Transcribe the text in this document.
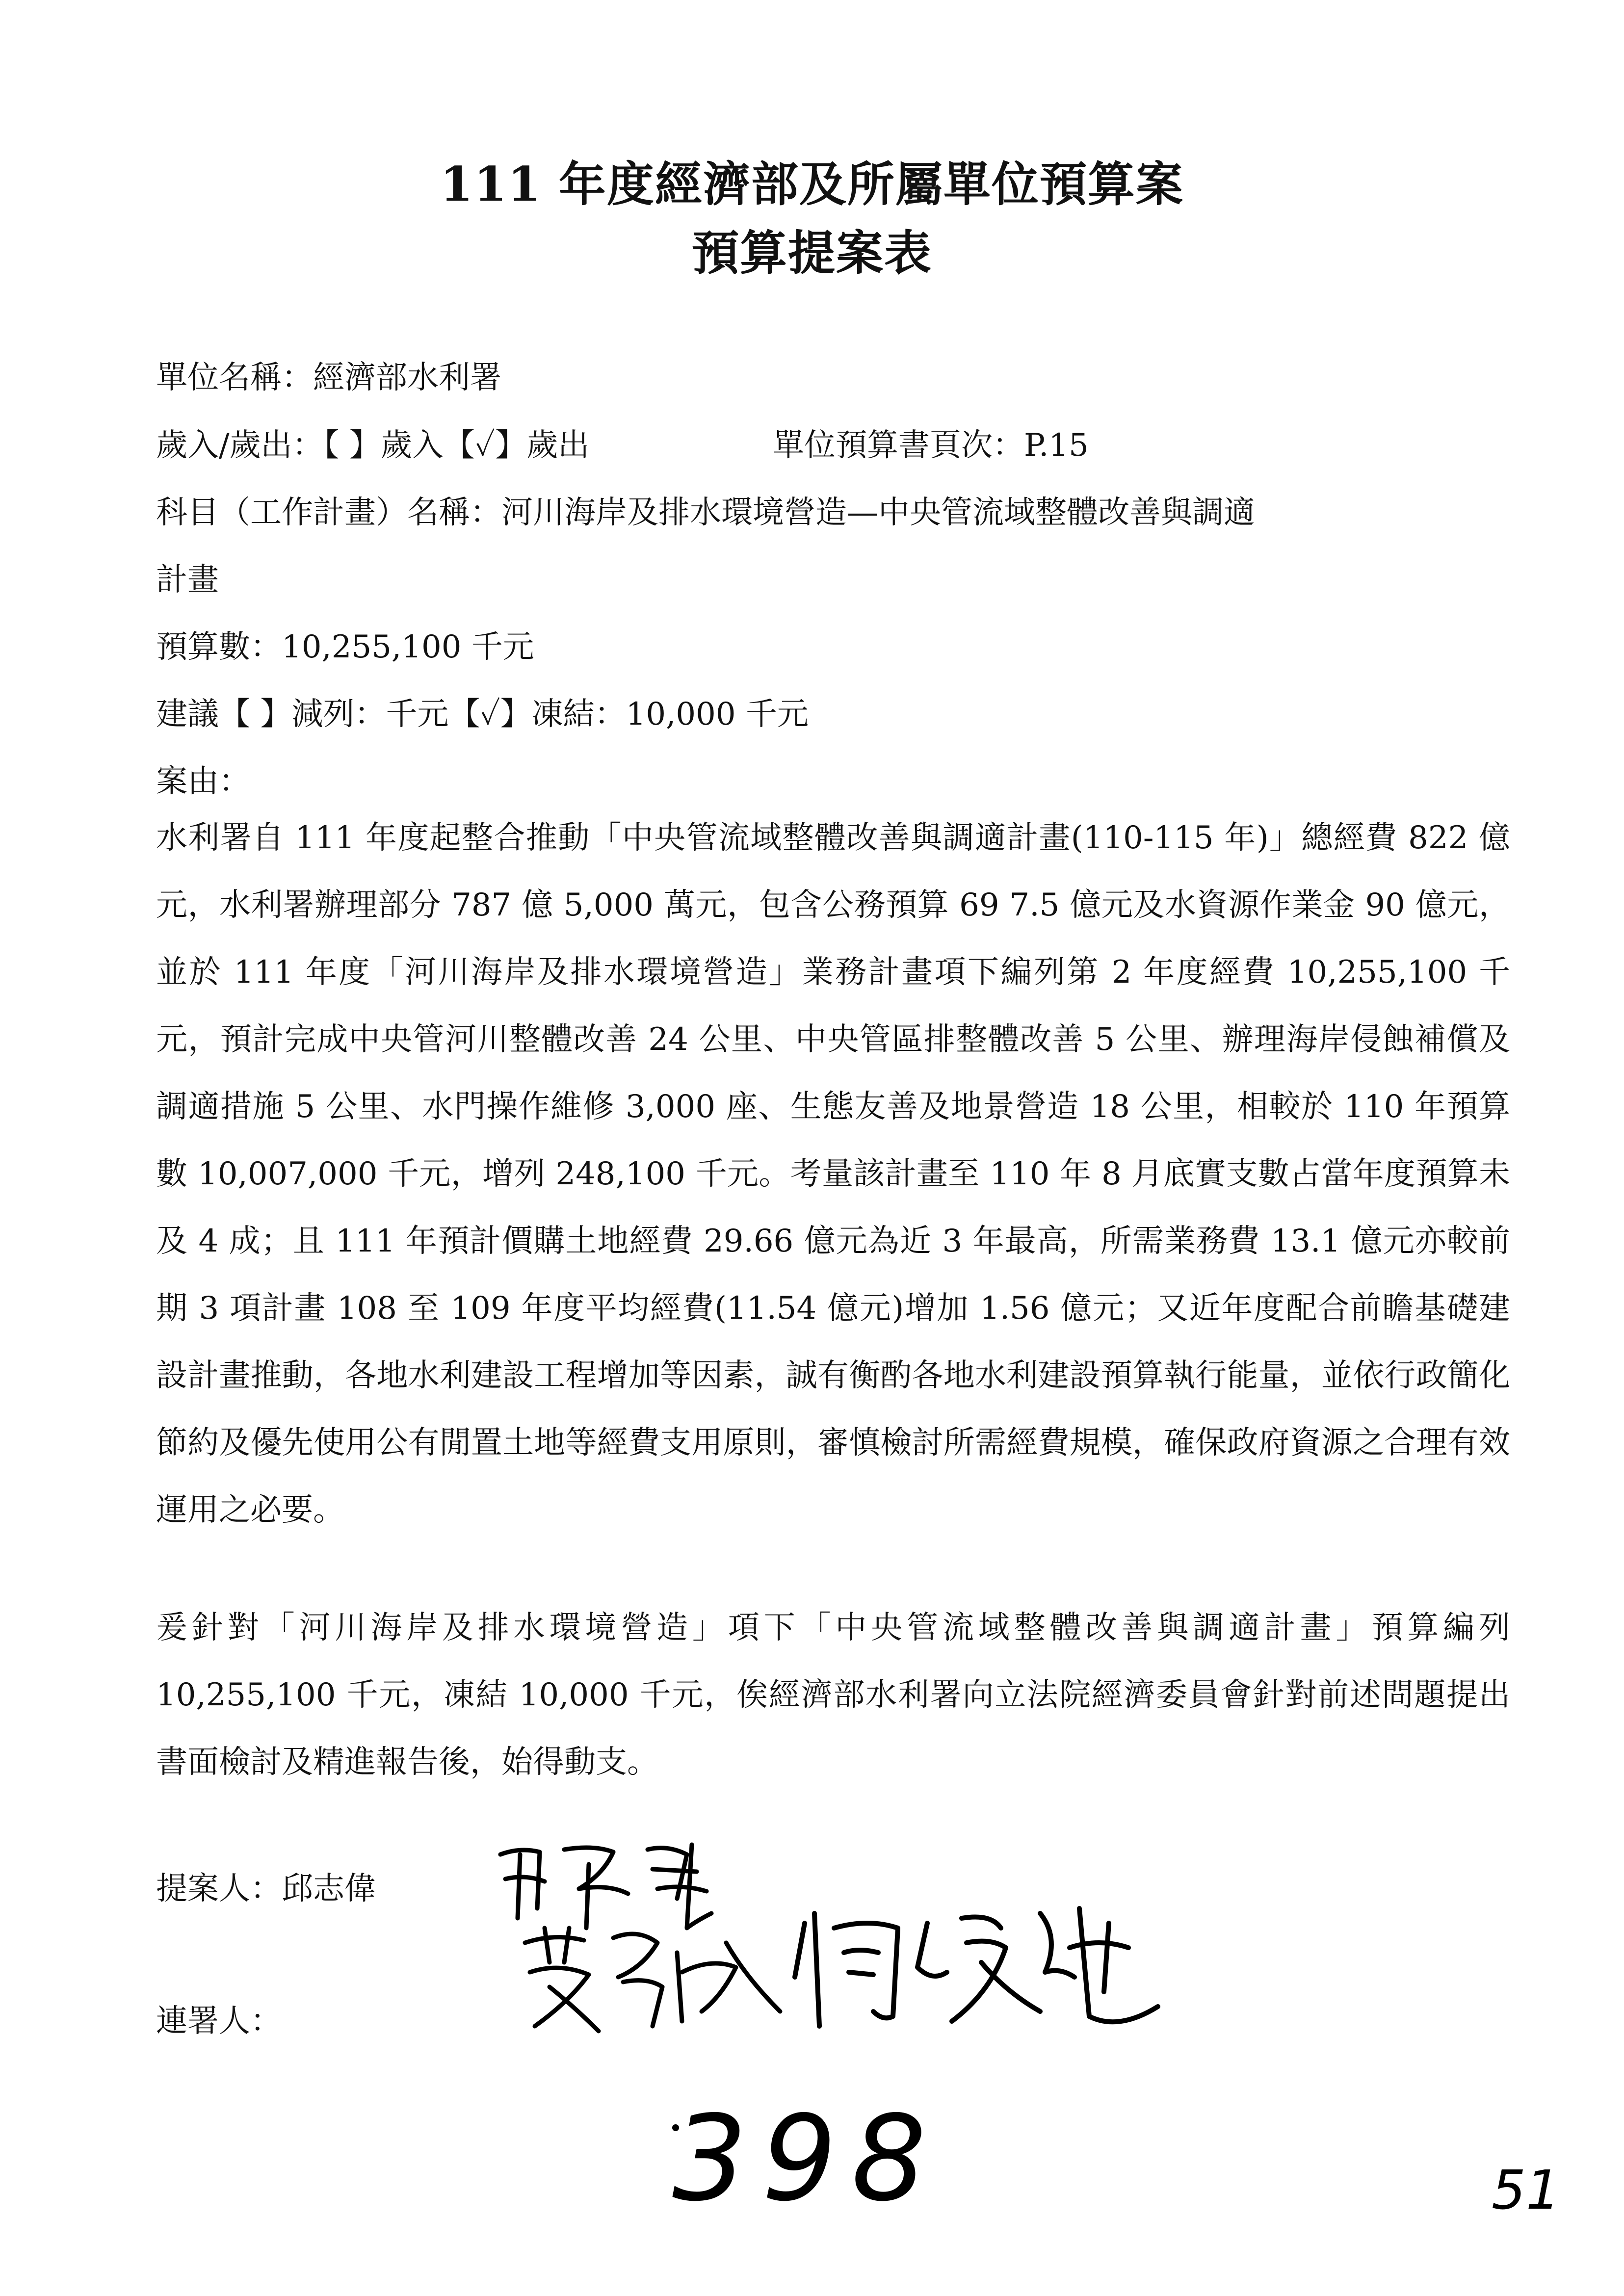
111 年度經濟部及所屬單位預算案
預算提案表
單位名稱：經濟部水利署
歲入/歲出：【 】歲入【✓】歲出	單位預算書頁次：P.15
科目（工作計畫）名稱：河川海岸及排水環境營造—中央管流域整體改善與調適
計畫
預算數：10,255,100 千元
建議【 】減列：千元【✓】凍結：10,000 千元
案由：

水利署自 111 年度起整合推動「中央管流域整體改善與調適計畫(110-115 年)」總經費 822 億元，水利署辦理部分 787 億 5,000 萬元，包含公務預算 69 7.5 億元及水資源作業金 90 億元，並於 111 年度「河川海岸及排水環境營造」業務計畫項下編列第 2 年度經費 10,255,100 千元，預計完成中央管河川整體改善 24 公里、中央管區排整體改善 5 公里、辦理海岸侵蝕補償及調適措施 5 公里、水門操作維修 3,000 座、生態友善及地景營造 18 公里，相較於 110 年預算數 10,007,000 千元，增列 248,100 千元。考量該計畫至 110 年 8 月底實支數占當年度預算未及 4 成；且 111 年預計價購土地經費 29.66 億元為近 3 年最高，所需業務費 13.1 億元亦較前期 3 項計畫 108 至 109 年度平均經費(11.54 億元)增加 1.56 億元；又近年度配合前瞻基礎建設計畫推動，各地水利建設工程增加等因素，誠有衡酌各地水利建設預算執行能量，並依行政簡化節約及優先使用公有閒置土地等經費支用原則，審慎檢討所需經費規模，確保政府資源之合理有效運用之必要。

爰針對「河川海岸及排水環境營造」項下「中央管流域整體改善與調適計畫」預算編列 10,255,100 千元，凍結 10,000 千元，俟經濟部水利署向立法院經濟委員會針對前述問題提出書面檢討及精進報告後，始得動支。

提案人：邱志偉
連署人：
398	51
